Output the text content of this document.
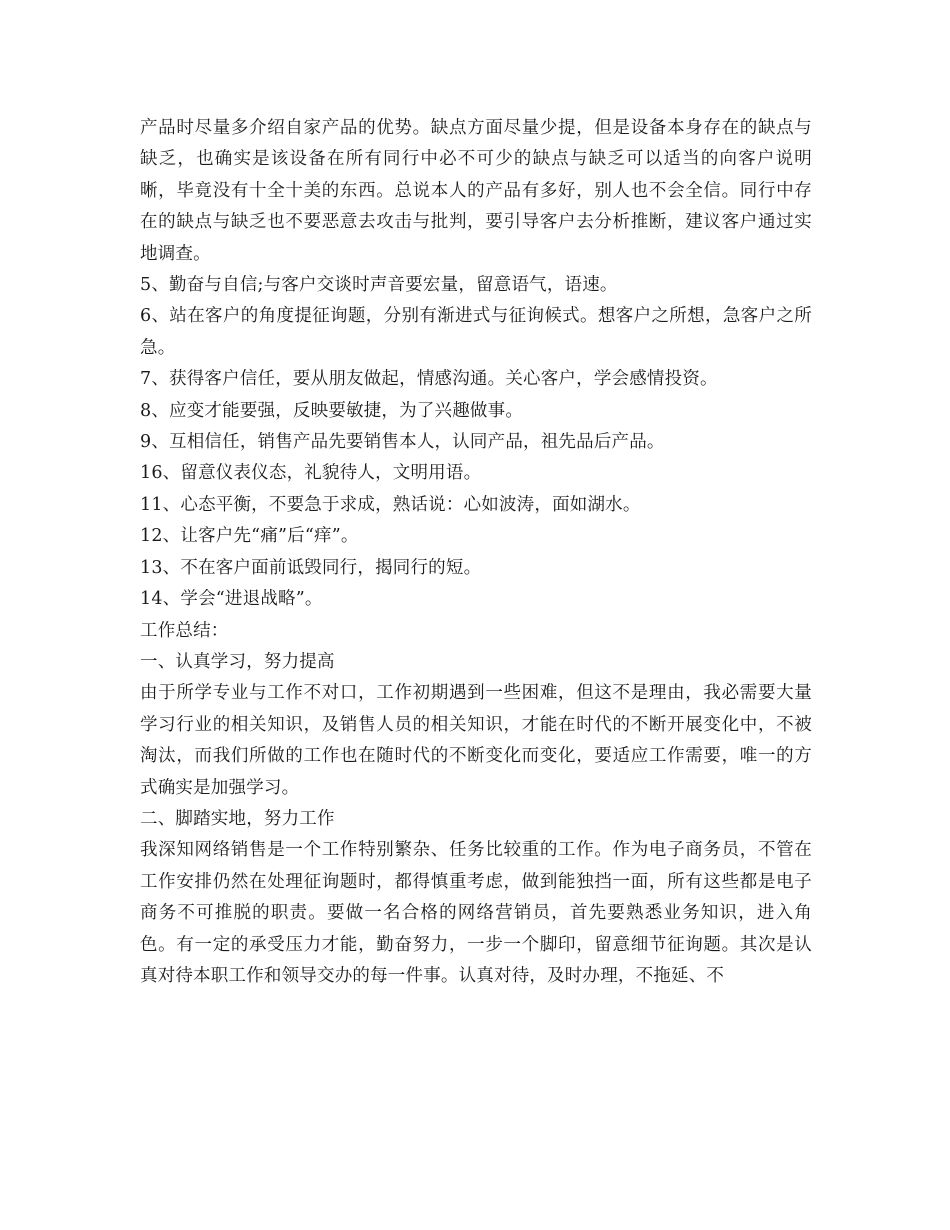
产品时尽量多介绍自家产品的优势。缺点方面尽量少提，但是设备本身存在的缺点与缺乏，也确实是该设备在所有同行中必不可少的缺点与缺乏可以适当的向客户说明晰，毕竟没有十全十美的东西。总说本人的产品有多好，别人也不会全信。同行中存在的缺点与缺乏也不要恶意去攻击与批判，要引导客户去分析推断，建议客户通过实地调查。

5、勤奋与自信;与客户交谈时声音要宏量，留意语气，语速。

6、站在客户的角度提征询题，分别有渐进式与征询候式。想客户之所想，急客户之所急。

7、获得客户信任，要从朋友做起，情感沟通。关心客户，学会感情投资。

8、应变才能要强，反映要敏捷，为了兴趣做事。

9、互相信任，销售产品先要销售本人，认同产品，祖先品后产品。

16、留意仪表仪态，礼貌待人，文明用语。

11、心态平衡，不要急于求成，熟话说：心如波涛，面如湖水。

12、让客户先“痛”后“痒”。

13、不在客户面前诋毁同行，揭同行的短。

14、学会“进退战略”。

工作总结：

一、认真学习，努力提高

由于所学专业与工作不对口，工作初期遇到一些困难，但这不是理由，我必需要大量学习行业的相关知识，及销售人员的相关知识，才能在时代的不断开展变化中，不被淘汰，而我们所做的工作也在随时代的不断变化而变化，要适应工作需要，唯一的方式确实是加强学习。

二、脚踏实地，努力工作

我深知网络销售是一个工作特别繁杂、任务比较重的工作。作为电子商务员，不管在工作安排仍然在处理征询题时，都得慎重考虑，做到能独挡一面，所有这些都是电子商务不可推脱的职责。要做一名合格的网络营销员，首先要熟悉业务知识，进入角色。有一定的承受压力才能，勤奋努力，一步一个脚印，留意细节征询题。其次是认真对待本职工作和领导交办的每一件事。认真对待，及时办理，不拖延、不
